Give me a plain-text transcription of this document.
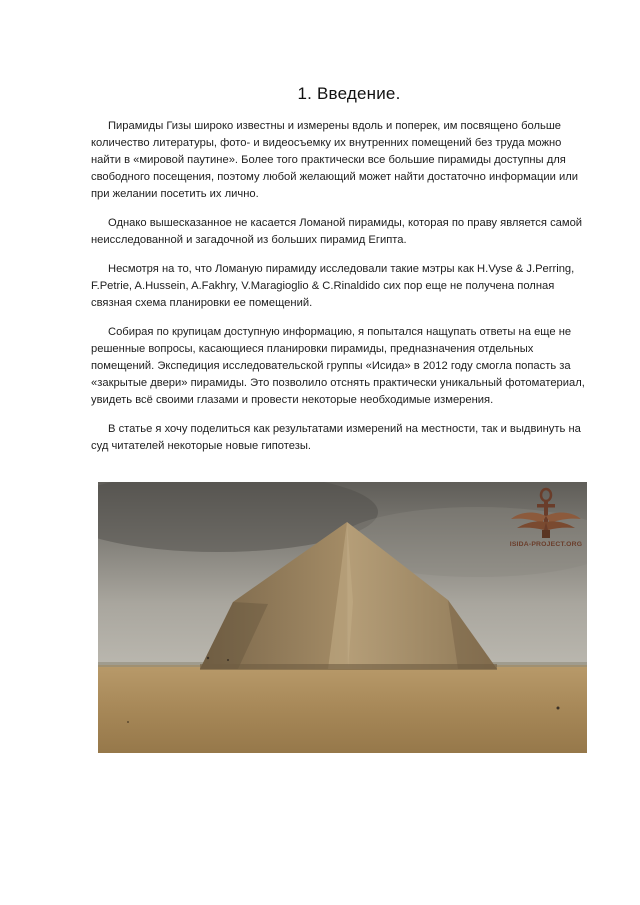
1. Введение.

Пирамиды Гизы широко известны и измерены вдоль и поперек, им посвящено больше количество литературы, фото- и видеосъемку их внутренних помещений без труда можно найти в «мировой паутине». Более того практически все большие пирамиды доступны для свободного посещения, поэтому любой желающий может найти достаточно информации или при желании посетить их лично.

Однако вышесказанное не касается Ломаной пирамиды, которая по праву является самой неисследованной и загадочной из больших пирамид Египта.

Несмотря на то, что Ломаную пирамиду исследовали такие мэтры как H.Vyse & J.Perring, F.Petrie, A.Hussein, A.Fakhry, V.Maragioglio & C.Rinaldido сих пор еще не получена полная связная схема планировки ее помещений.

Собирая по крупицам доступную информацию, я попытался нащупать ответы на еще не решенные вопросы, касающиеся планировки пирамиды, предназначения отдельных помещений. Экспедиция исследовательской группы «Исида» в 2012 году смогла попасть за «закрытые двери» пирамиды. Это позволило отснять практически уникальный фотоматериал, увидеть всё своими глазами и провести некоторые необходимые измерения.

В статье я хочу поделиться как результатами измерений на местности, так и выдвинуть на суд читателей некоторые новые гипотезы.

ISIDA-PROJECT.ORG
